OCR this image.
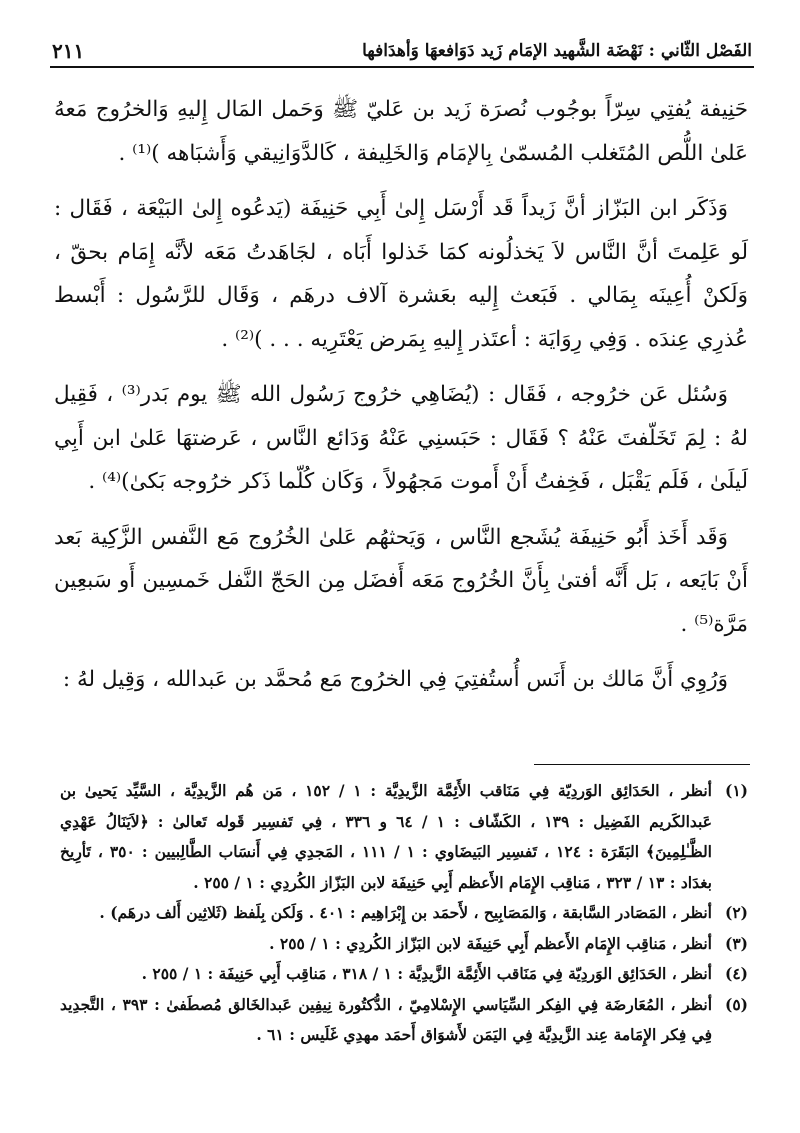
الفَصْل الثّاني : نَهْضَة الشَّهيد الإمَام زَيد دَوَافعهَا وَأهدَافها
٢١١

حَنِيفة يُفتِي سِرّاً بوجُوب نُصرَة زَيد بن عَليّ ﷺ وَحَمل المَال إِليهِ وَالخرُوج مَعهُ عَلىٰ اللُّص المُتَغلب المُسمّىٰ بِالإمَام وَالخَلِيفة ، كَالدَّوَانِيقي وَأَشبَاهه )⁽¹⁾ .

وَذَكَر ابن البَزّاز أنَّ زَيداً قَد أَرْسَل إِلىٰ أَبِي حَنِيفَة (يَدعُوه إِلىٰ البَيْعَة ، فَقَال : لَو عَلِمتَ أنَّ النَّاس لاَ يَخذلُونه كمَا خَذلوا أَبَاه ، لجَاهَدتُ مَعَه لأنَّه إِمَام بحقّ ، وَلَكنْ أُعِينَه بِمَالي . فَبَعث إِليه بعَشرة آلاف درهَم ، وَقَال للرَّسُول : أَبْسط عُذرِي عِندَه . وَفِي رِوَايَة : أعتَذر إِليهِ بِمَرض يَعْتَرِيه . . . )⁽²⁾ .

وَسُئل عَن خرُوجه ، فَقَال : (يُضَاهِي خرُوج رَسُول الله ﷺ يوم بَدر⁽³⁾ ، فَقِيل لهُ : لِمَ تَخَلّفتَ عَنْهُ ؟ فَقَال : حَبَسنِي عَنْهُ وَدَائع النَّاس ، عَرضتهَا عَلىٰ ابن أَبِي لَيلَىٰ ، فَلَم يَقْبَل ، فَخِفتُ أَنْ أَموت مَجهُولاً ، وَكَان كُلّما ذَكر خرُوجه بَكىٰ)⁽⁴⁾ .

وَقَد أَخَذ أَبُو حَنِيفَة يُشَجع النَّاس ، وَيَحثهُم عَلىٰ الخُرُوج مَع النَّفس الزَّكِية بَعد أَنْ بَايَعه ، بَل أَنَّه أفتىٰ بِأَنَّ الخُرُوج مَعَه أَفضَل مِن الحَجّ النَّفل خَمسِين أَو سَبعِين مَرَّة⁽⁵⁾ .

وَرُوِي أَنَّ مَالك بن أَنَس أُستُفتِيَ فِي الخرُوج مَع مُحمَّد بن عَبدالله ، وَقِيل لهُ :

(١)
أنظر ، الحَدَائِق الوَردِيّة فِي مَنَاقب الأَئِمَّة الزَّيدِيَّة : ١ / ١٥٢ ، مَن هُم الزَّيدِيَّة ، السَّيِّد يَحيىٰ بن عَبدالكَريم الفَضِيل : ١٣٩ ، الكَشّاف : ١ / ٦٤ و ٣٣٦ ، فِي تَفسِير قَوله تَعالىٰ : ﴿لاَيَنَالُ عَهْدِي الظَّـٰلِمِينَ﴾ البَقَرَة : ١٢٤ ، تَفسِير البَيضَاوي : ١ / ١١١ ، المَجدِي فِي أَنسَاب الطَّالِبيين : ٣٥٠ ، تَأرِيخ بغدَاد : ١٣ / ٣٢٣ ، مَناقِب الإِمَام الأَعظم أَبِي حَنِيفَة لابن البَزّاز الكُردِي : ١ / ٢٥٥ .
(٢)
أنظر ، المَصَادر السَّابقة ، وَالمَصَابِيح ، لأَحمَد بن إِبْرَاهِيم : ٤٠١ . وَلَكن بِلَفظ (ثَلاثِين أَلف درهَم) .
(٣)
أنظر ، مَناقِب الإِمَام الأَعظم أَبِي حَنِيفَة لابن البَزّاز الكُردِي : ١ / ٢٥٥ .
(٤)
أنظر ، الحَدَائِق الوَردِيّة فِي مَنَاقب الأَئِمَّة الزَّيدِيَّة : ١ / ٣١٨ ، مَناقِب أَبِي حَنِيفَة : ١ / ٢٥٥ .
(٥)
أنظر ، المُعَارضَة فِي الفِكر السِّيَاسي الإِسْلامِيّ ، الدُّكتُورة نِيفِين عَبدالخَالق مُصطَفىٰ : ٣٩٣ ، التَّجدِيد فِي فِكر الإِمَامة عِند الزَّيدِيَّة فِي اليَمَن لأَشوَاق أَحمَد مهدِي غَلَيس : ٦١ .
